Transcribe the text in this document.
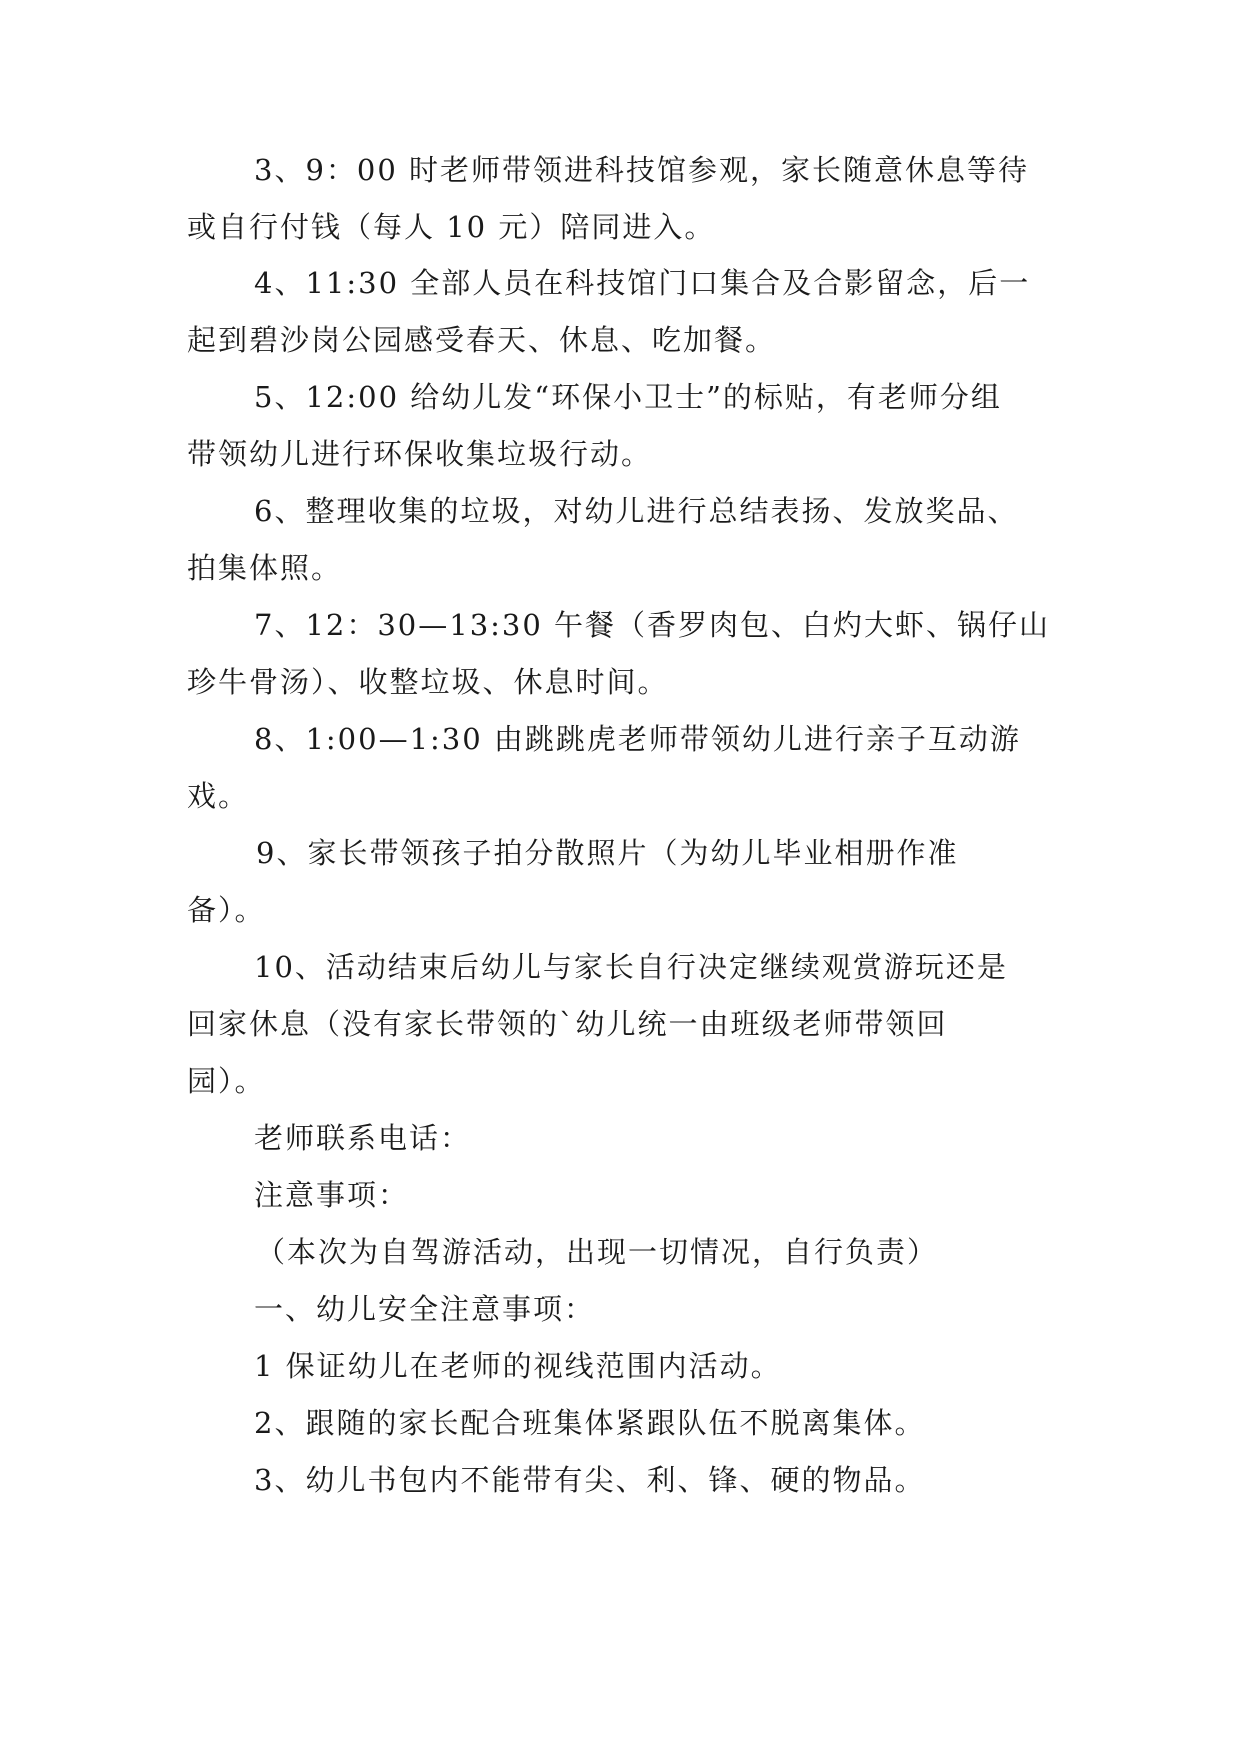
3、9：00 时老师带领进科技馆参观，家长随意休息等待
或自行付钱（每人 10 元）陪同进入。
4、11:30 全部人员在科技馆门口集合及合影留念，后一
起到碧沙岗公园感受春天、休息、吃加餐。
5、12:00 给幼儿发“环保小卫士”的标贴，有老师分组
带领幼儿进行环保收集垃圾行动。
6、整理收集的垃圾，对幼儿进行总结表扬、发放奖品、
拍集体照。
7、12：30—13:30 午餐（香罗肉包、白灼大虾、锅仔山
珍牛骨汤）、收整垃圾、休息时间。
8、1:00—1:30 由跳跳虎老师带领幼儿进行亲子互动游
戏。
9、家长带领孩子拍分散照片（为幼儿毕业相册作准
备）。
10、活动结束后幼儿与家长自行决定继续观赏游玩还是
回家休息（没有家长带领的`幼儿统一由班级老师带领回
园）。
老师联系电话：
注意事项：
（本次为自驾游活动，出现一切情况，自行负责）
一、幼儿安全注意事项：
1 保证幼儿在老师的视线范围内活动。
2、跟随的家长配合班集体紧跟队伍不脱离集体。
3、幼儿书包内不能带有尖、利、锋、硬的物品。
